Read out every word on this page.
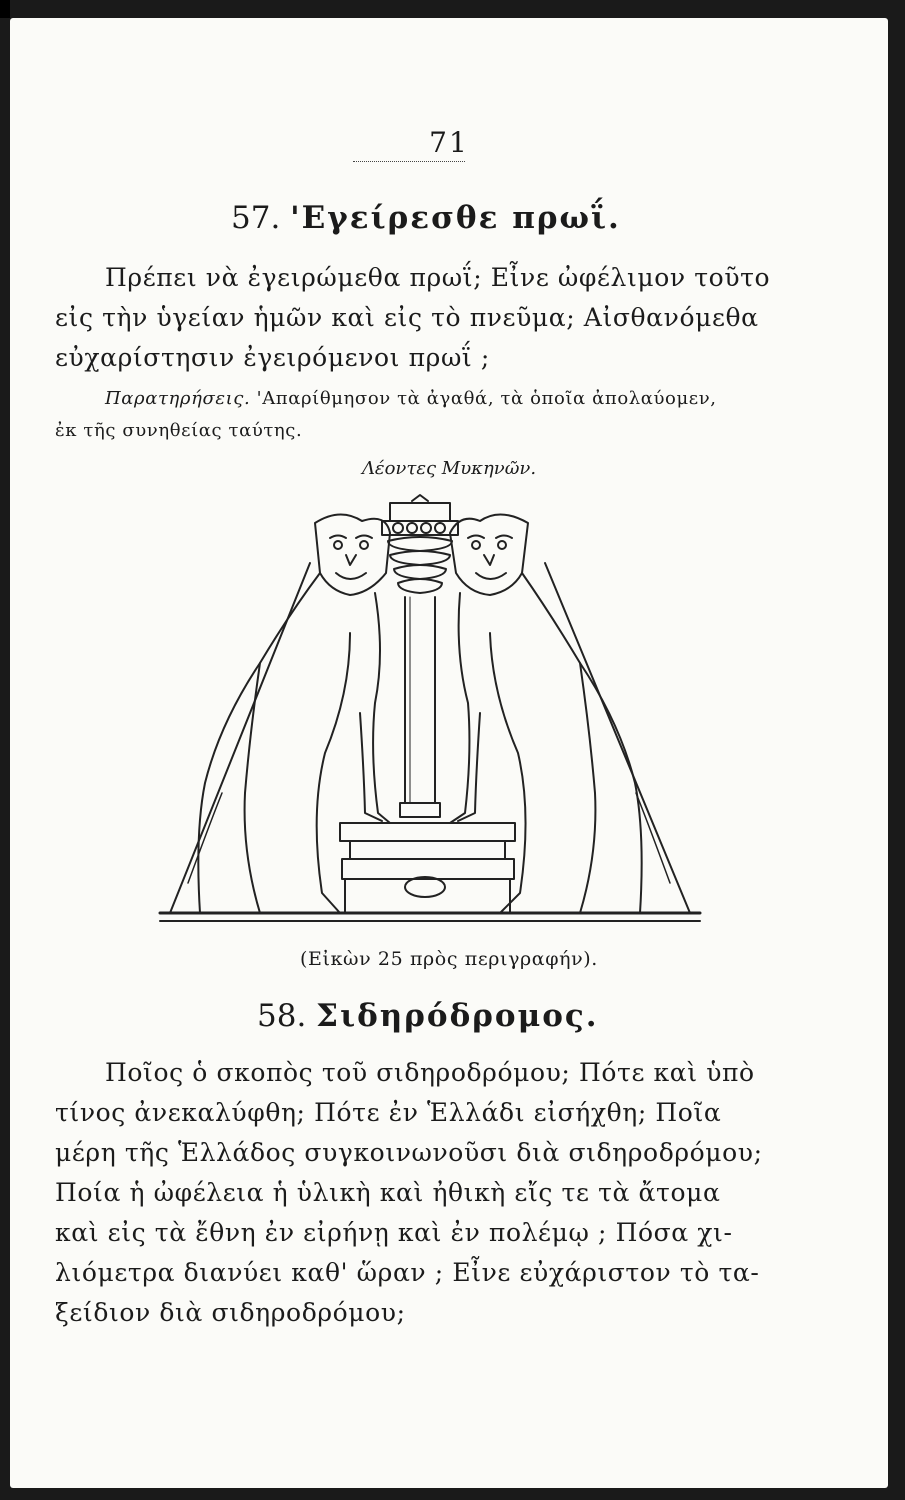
71
57. 'Εγείρεσθε πρωΐ.
Πρέπει νὰ ἐγειρώμεθα πρωΐ; Εἶνε ὠφέλιμον τοῦτο
εἰς τὴν ὑγείαν ἡμῶν καὶ εἰς τὸ πνεῦμα; Αἰσθανόμεθα
εὐχαρίστησιν ἐγειρόμενοι πρωΐ ;
Παρατηρήσεις. 'Απαρίθμησον τὰ ἀγαθά, τὰ ὁποῖα ἀπολαύομεν,
ἐκ τῆς συνηθείας ταύτης.
Λέοντες Μυκηνῶν.
(Εἰκὼν 25 πρὸς περιγραφήν).
58. Σιδηρόδρομος.
Ποῖος ὁ σκοπὸς τοῦ σιδηροδρόμου; Πότε καὶ ὑπὸ
τίνος ἀνεκαλύφθη; Πότε ἐν Ἑλλάδι εἰσήχθη; Ποῖα
μέρη τῆς Ἑλλάδος συγκοινωνοῦσι διὰ σιδηροδρόμου;
Ποία ἡ ὠφέλεια ἡ ὑλικὴ καὶ ἠθικὴ εἴς τε τὰ ἄτομα
καὶ εἰς τὰ ἔθνη ἐν εἰρήνῃ καὶ ἐν πολέμῳ ; Πόσα χι-
λιόμετρα διανύει καθ' ὥραν ; Εἶνε εὐχάριστον τὸ τα-
ξείδιον διὰ σιδηροδρόμου;
